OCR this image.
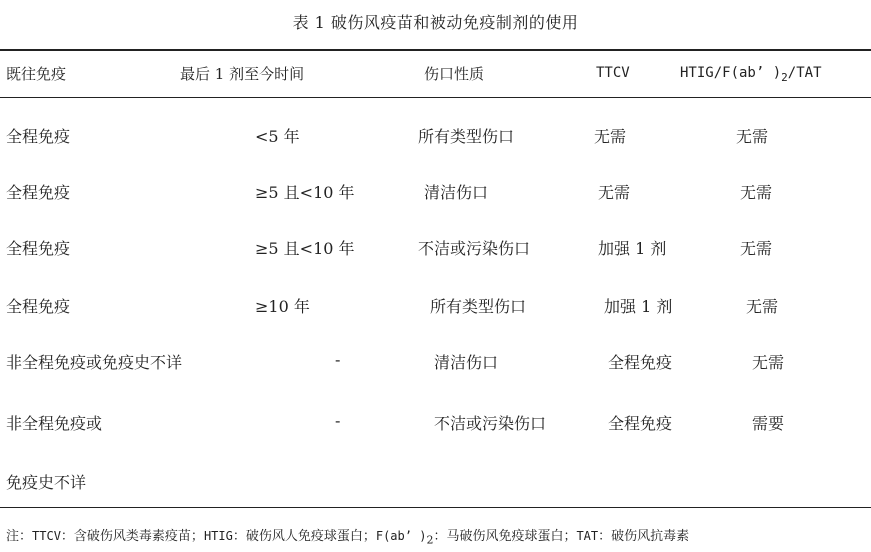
表 1 破伤风疫苗和被动免疫制剂的使用
既往免疫	最后 1 剂至今时间	伤口性质	TTCV	HTIG/F(ab’ )$_2$/TAT
全程免疫	<5 年	所有类型伤口	无需	无需
全程免疫	≥5 且<10 年	清洁伤口	无需	无需
全程免疫	≥5 且<10 年	不洁或污染伤口	加强 1 剂	无需
全程免疫	≥10 年	所有类型伤口	加强 1 剂	无需
非全程免疫或免疫史不详	-	清洁伤口	全程免疫	无需
非全程免疫或	-	不洁或污染伤口	全程免疫	需要
免疫史不详
注：TTCV：含破伤风类毒素疫苗；HTIG：破伤风人免疫球蛋白；F(ab’ )$_2$：马破伤风免疫球蛋白；TAT：破伤风抗毒素
